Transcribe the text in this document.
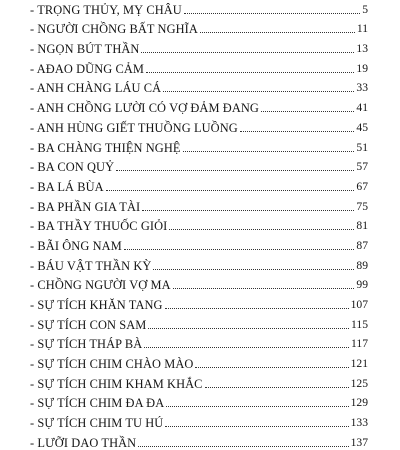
- TRỌNG THỦY, MỴ CHÂU	5
- NGƯỜI CHỒNG BẤT NGHĨA	11
- NGỌN BÚT THẦN	13
- AĐAO DŨNG CẢM	19
- ANH CHÀNG LÁU CÁ	33
- ANH CHỒNG LƯỜI CÓ VỢ ĐẢM ĐANG	41
- ANH HÙNG GIẾT THUỒNG LUỒNG	45
- BA CHÀNG THIỆN NGHỆ	51
- BA CON QUỶ	57
- BA LÁ BÙA	67
- BA PHẦN GIA TÀI	75
- BA THẦY THUỐC GIỎI	81
- BÃI ÔNG NAM	87
- BÁU VẬT THẦN KỲ	89
- CHỒNG NGƯỜI VỢ MA	99
- SỰ TÍCH KHĂN TANG	107
- SỰ TÍCH CON SAM	115
- SỰ TÍCH THÁP BÀ	117
- SỰ TÍCH CHIM CHÀO MÀO	121
- SỰ TÍCH CHIM KHAM KHẮC	125
- SỰ TÍCH CHIM ĐA ĐA	129
- SỰ TÍCH CHIM TU HÚ	133
- LƯỠI DAO THẦN	137
